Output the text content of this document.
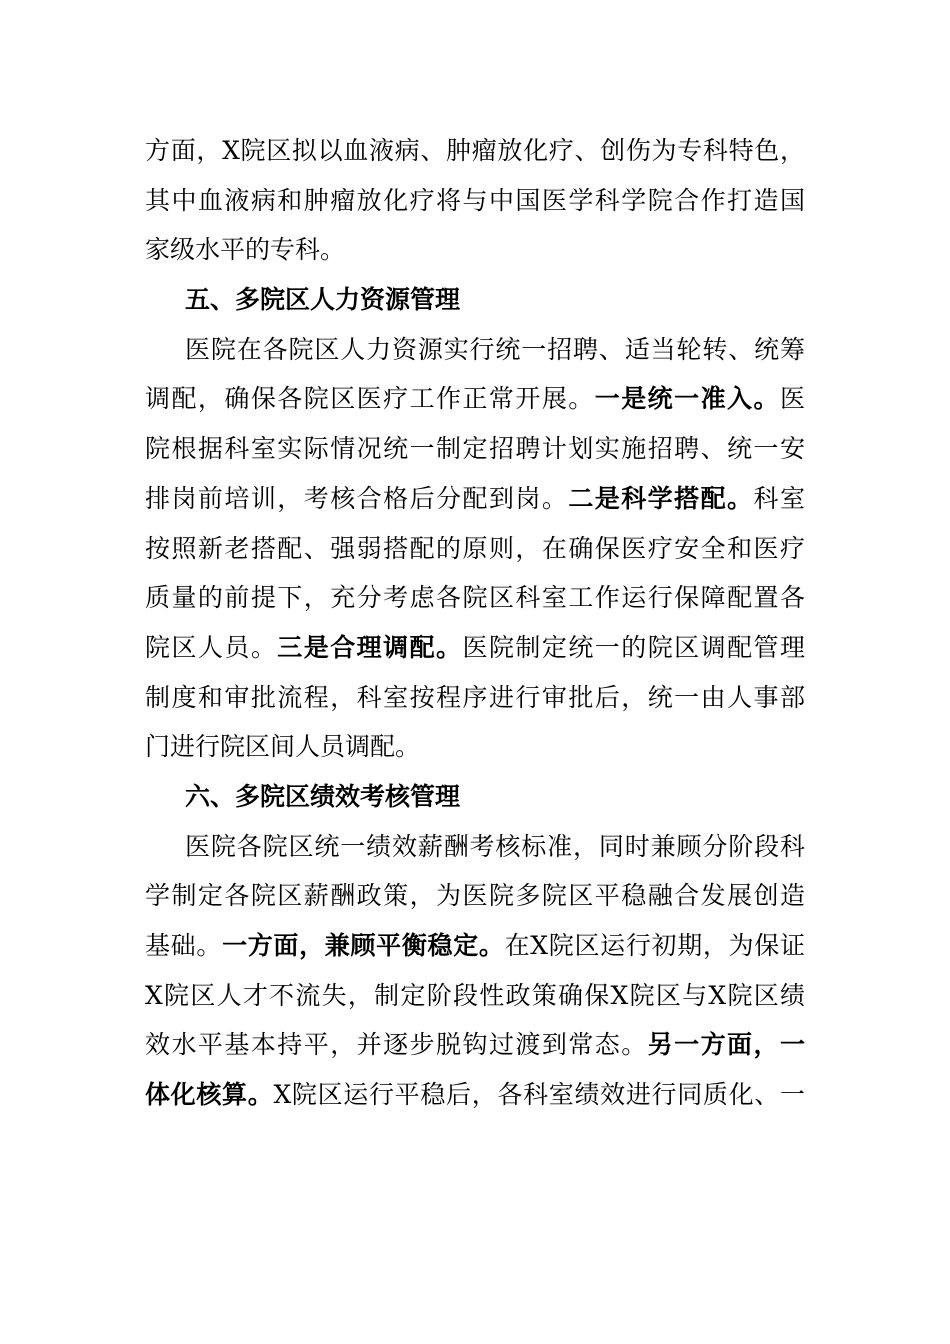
方面，X院区拟以血液病、肿瘤放化疗、创伤为专科特色，
其中血液病和肿瘤放化疗将与中国医学科学院合作打造国
家级水平的专科。
五、多院区人力资源管理
医院在各院区人力资源实行统一招聘、适当轮转、统筹
调配，确保各院区医疗工作正常开展。一是统一准入。医
院根据科室实际情况统一制定招聘计划实施招聘、统一安
排岗前培训，考核合格后分配到岗。二是科学搭配。科室
按照新老搭配、强弱搭配的原则，在确保医疗安全和医疗
质量的前提下，充分考虑各院区科室工作运行保障配置各
院区人员。三是合理调配。医院制定统一的院区调配管理
制度和审批流程，科室按程序进行审批后，统一由人事部
门进行院区间人员调配。
六、多院区绩效考核管理
医院各院区统一绩效薪酬考核标准，同时兼顾分阶段科
学制定各院区薪酬政策，为医院多院区平稳融合发展创造
基础。一方面，兼顾平衡稳定。在X院区运行初期，为保证
X院区人才不流失，制定阶段性政策确保X院区与X院区绩
效水平基本持平，并逐步脱钩过渡到常态。另一方面，一
体化核算。X院区运行平稳后，各科室绩效进行同质化、一
